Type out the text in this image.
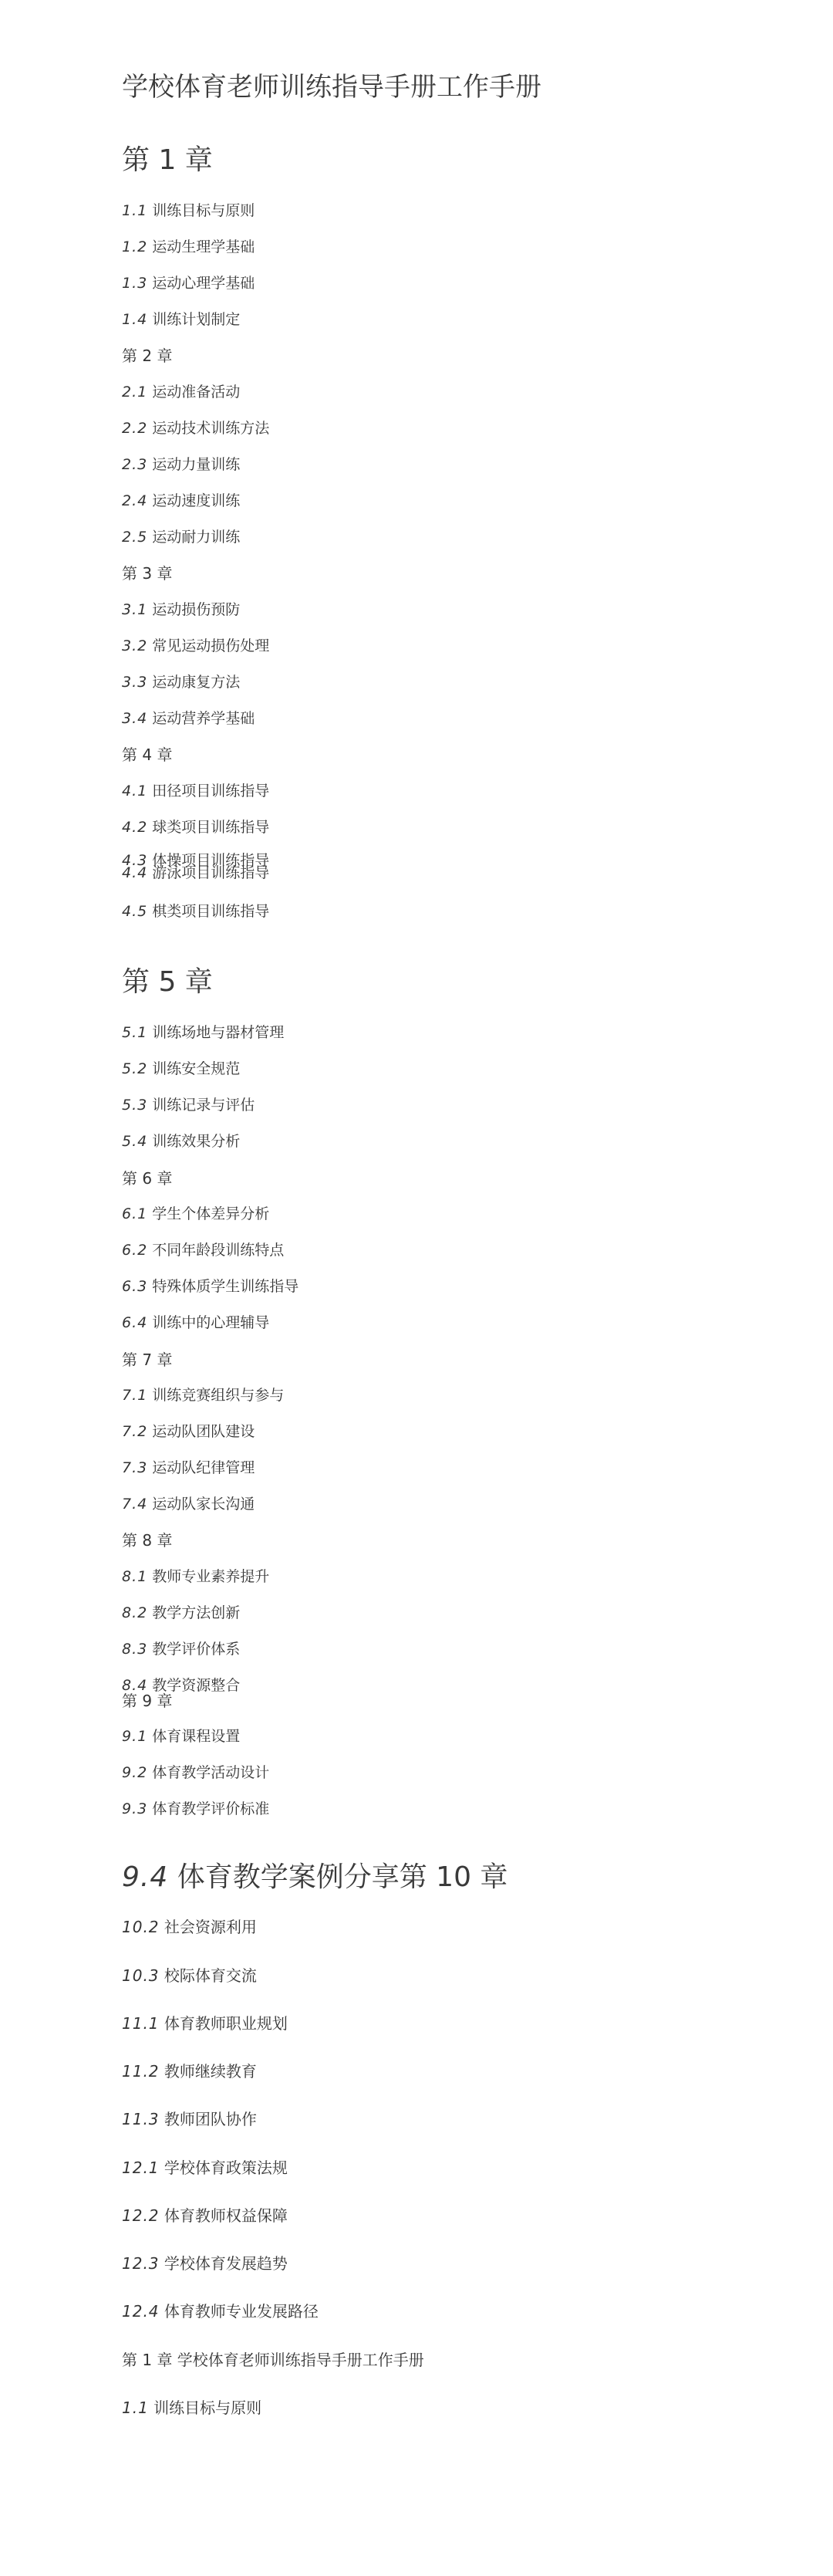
学校体育老师训练指导手册工作手册
第 1 章
1.1 训练目标与原则
1.2 运动生理学基础
1.3 运动心理学基础
1.4 训练计划制定
第 2 章
2.1 运动准备活动
2.2 运动技术训练方法
2.3 运动力量训练
2.4 运动速度训练
2.5 运动耐力训练
第 3 章
3.1 运动损伤预防
3.2 常见运动损伤处理
3.3 运动康复方法
3.4 运动营养学基础
第 4 章
4.1 田径项目训练指导
4.2 球类项目训练指导
4.3 体操项目训练指导
4.4 游泳项目训练指导
4.5 棋类项目训练指导
第 5 章
5.1 训练场地与器材管理
5.2 训练安全规范
5.3 训练记录与评估
5.4 训练效果分析
第 6 章
6.1 学生个体差异分析
6.2 不同年龄段训练特点
6.3 特殊体质学生训练指导
6.4 训练中的心理辅导
第 7 章
7.1 训练竞赛组织与参与
7.2 运动队团队建设
7.3 运动队纪律管理
7.4 运动队家长沟通
第 8 章
8.1 教师专业素养提升
8.2 教学方法创新
8.3 教学评价体系
8.4 教学资源整合
第 9 章
9.1 体育课程设置
9.2 体育教学活动设计
9.3 体育教学评价标准
9.4 体育教学案例分享第 10 章
10.2 社会资源利用
10.3 校际体育交流
11.1 体育教师职业规划
11.2 教师继续教育
11.3 教师团队协作
12.1 学校体育政策法规
12.2 体育教师权益保障
12.3 学校体育发展趋势
12.4 体育教师专业发展路径
第 1 章 学校体育老师训练指导手册工作手册
1.1 训练目标与原则
